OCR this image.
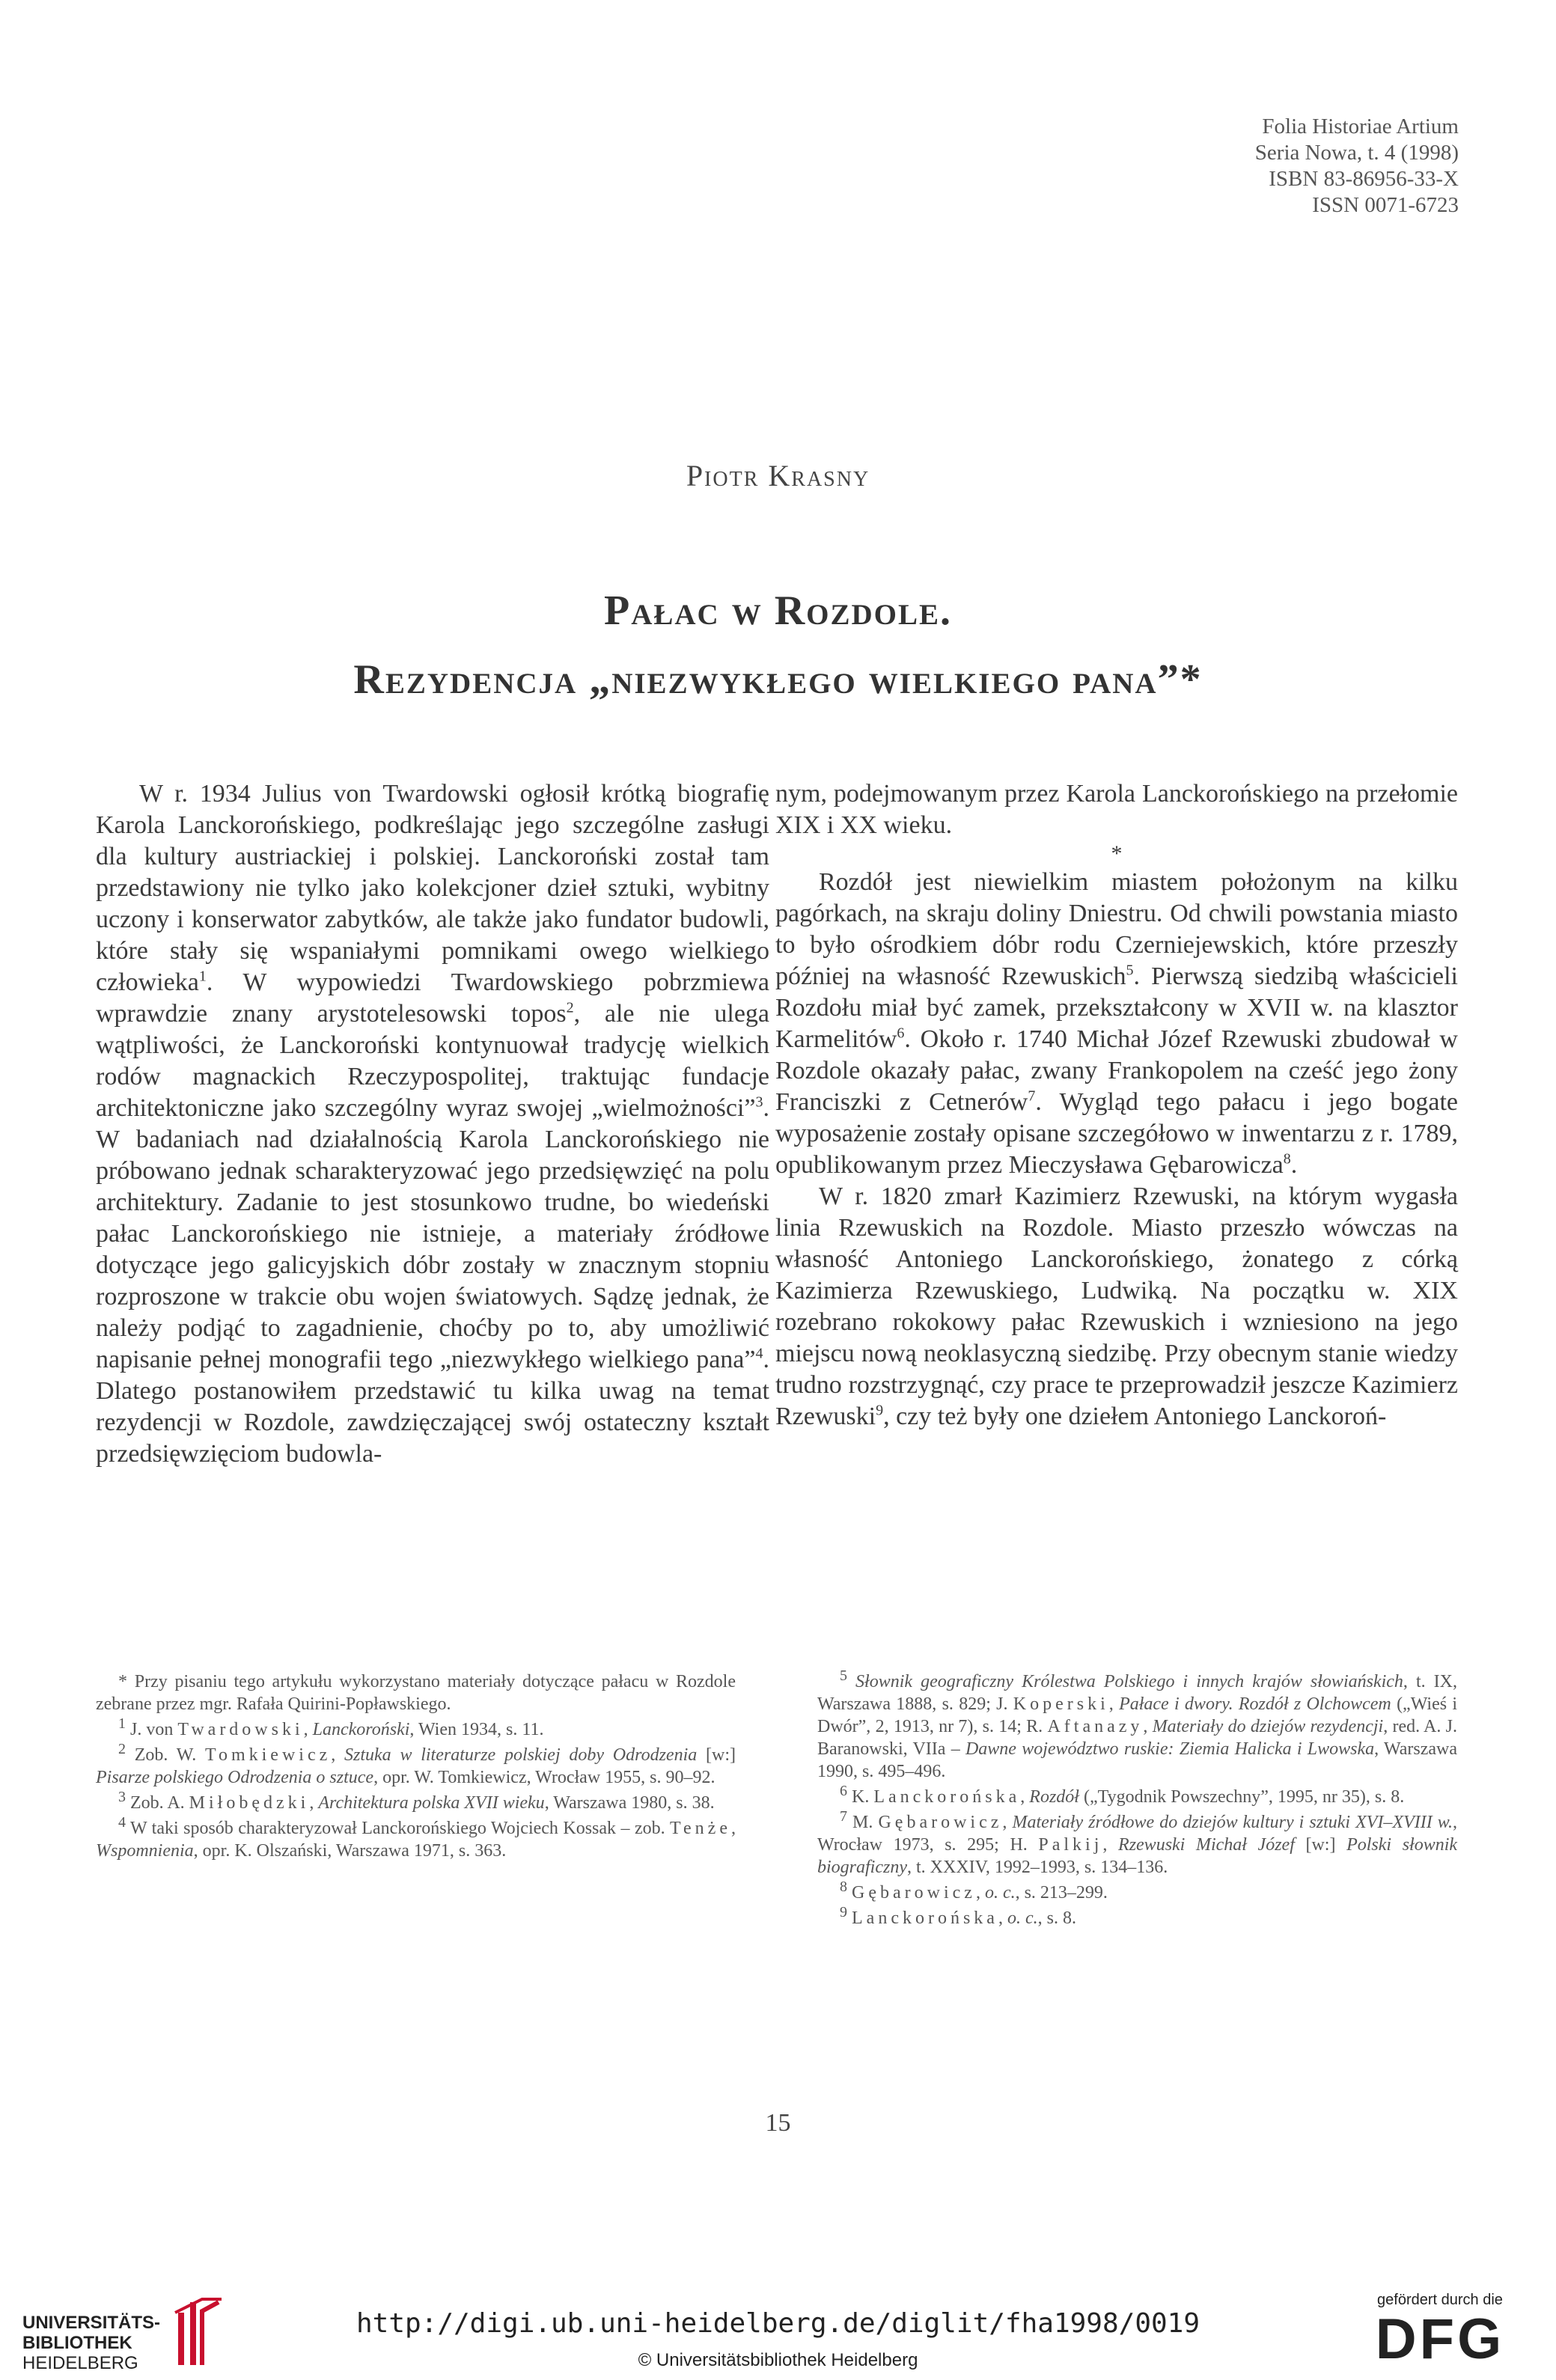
Folia Historiae Artium
Seria Nowa, t. 4 (1998)
ISBN 83-86956-33-X
ISSN 0071-6723
Piotr Krasny
Pałac w Rozdole.
Rezydencja „niezwykłego wielkiego pana”*

W r. 1934 Julius von Twardowski ogłosił krótką biografię Karola Lanckorońskiego, podkreślając jego szczególne zasługi dla kultury austriackiej i polskiej. Lanckoroński został tam przedstawiony nie tylko jako kolekcjoner dzieł sztuki, wybitny uczony i konserwator zabytków, ale także jako fundator budowli, które stały się wspaniałymi pomnikami owego wielkiego człowieka$^1$. W wypowiedzi Twardowskiego pobrzmiewa wprawdzie znany arystotelesowski topos$^2$, ale nie ulega wątpliwości, że Lanckoroński kontynuował tradycję wielkich rodów magnackich Rzeczypospolitej, traktując fundacje architektoniczne jako szczególny wyraz swojej „wielmożności”$^3$. W badaniach nad działalnością Karola Lanckorońskiego nie próbowano jednak scharakteryzować jego przedsięwzięć na polu architektury. Zadanie to jest stosunkowo trudne, bo wiedeński pałac Lanckorońskiego nie istnieje, a materiały źródłowe dotyczące jego galicyjskich dóbr zostały w znacznym stopniu rozproszone w trakcie obu wojen światowych. Sądzę jednak, że należy podjąć to zagadnienie, choćby po to, aby umożliwić napisanie pełnej monografii tego „niezwykłego wielkiego pana”$^4$. Dlatego postanowiłem przedstawić tu kilka uwag na temat rezydencji w Rozdole, zawdzięczającej swój ostateczny kształt przedsięwzięciom budowla-

nym, podejmowanym przez Karola Lanckorońskiego na przełomie XIX i XX wieku.

*

Rozdół jest niewielkim miastem położonym na kilku pagórkach, na skraju doliny Dniestru. Od chwili powstania miasto to było ośrodkiem dóbr rodu Czerniejewskich, które przeszły później na własność Rzewuskich$^5$. Pierwszą siedzibą właścicieli Rozdołu miał być zamek, przekształcony w XVII w. na klasztor Karmelitów$^6$. Około r. 1740 Michał Józef Rzewuski zbudował w Rozdole okazały pałac, zwany Frankopolem na cześć jego żony Franciszki z Cetnerów$^7$. Wygląd tego pałacu i jego bogate wyposażenie zostały opisane szczegółowo w inwentarzu z r. 1789, opublikowanym przez Mieczysława Gębarowicza$^8$.

W r. 1820 zmarł Kazimierz Rzewuski, na którym wygasła linia Rzewuskich na Rozdole. Miasto przeszło wówczas na własność Antoniego Lanckorońskiego, żonatego z córką Kazimierza Rzewuskiego, Ludwiką. Na początku w. XIX rozebrano rokokowy pałac Rzewuskich i wzniesiono na jego miejscu nową neoklasyczną siedzibę. Przy obecnym stanie wiedzy trudno rozstrzygnąć, czy prace te przeprowadził jeszcze Kazimierz Rzewuski$^9$, czy też były one dziełem Antoniego Lanckoroń-

* Przy pisaniu tego artykułu wykorzystano materiały dotyczące pałacu w Rozdole zebrane przez mgr. Rafała Quirini-Popławskiego.

$^1$ J. von Twardowski, Lanckoroński, Wien 1934, s. 11.

$^2$ Zob. W. Tomkiewicz, Sztuka w literaturze polskiej doby Odrodzenia [w:] Pisarze polskiego Odrodzenia o sztuce, opr. W. Tomkiewicz, Wrocław 1955, s. 90–92.

$^3$ Zob. A. Miłobędzki, Architektura polska XVII wieku, Warszawa 1980, s. 38.

$^4$ W taki sposób charakteryzował Lanckorońskiego Wojciech Kossak – zob. Tenże, Wspomnienia, opr. K. Olszański, Warszawa 1971, s. 363.

$^5$ Słownik geograficzny Królestwa Polskiego i innych krajów słowiańskich, t. IX, Warszawa 1888, s. 829; J. Koperski, Pałace i dwory. Rozdół z Olchowcem („Wieś i Dwór”, 2, 1913, nr 7), s. 14; R. Aftanazy, Materiały do dziejów rezydencji, red. A. J. Baranowski, VIIa – Dawne województwo ruskie: Ziemia Halicka i Lwowska, Warszawa 1990, s. 495–496.

$^6$ K. Lanckorońska, Rozdół („Tygodnik Powszechny”, 1995, nr 35), s. 8.

$^7$ M. Gębarowicz, Materiały źródłowe do dziejów kultury i sztuki XVI–XVIII w., Wrocław 1973, s. 295; H. Palkij, Rzewuski Michał Józef [w:] Polski słownik biograficzny, t. XXXIV, 1992–1993, s. 134–136.

$^8$ Gębarowicz, o. c., s. 213–299.

$^9$ Lanckorońska, o. c., s. 8.

15
UNIVERSITÄTS-
BIBLIOTHEK
HEIDELBERG
http://digi.ub.uni-heidelberg.de/diglit/fha1998/0019
© Universitätsbibliothek Heidelberg
gefördert durch die
DFG
